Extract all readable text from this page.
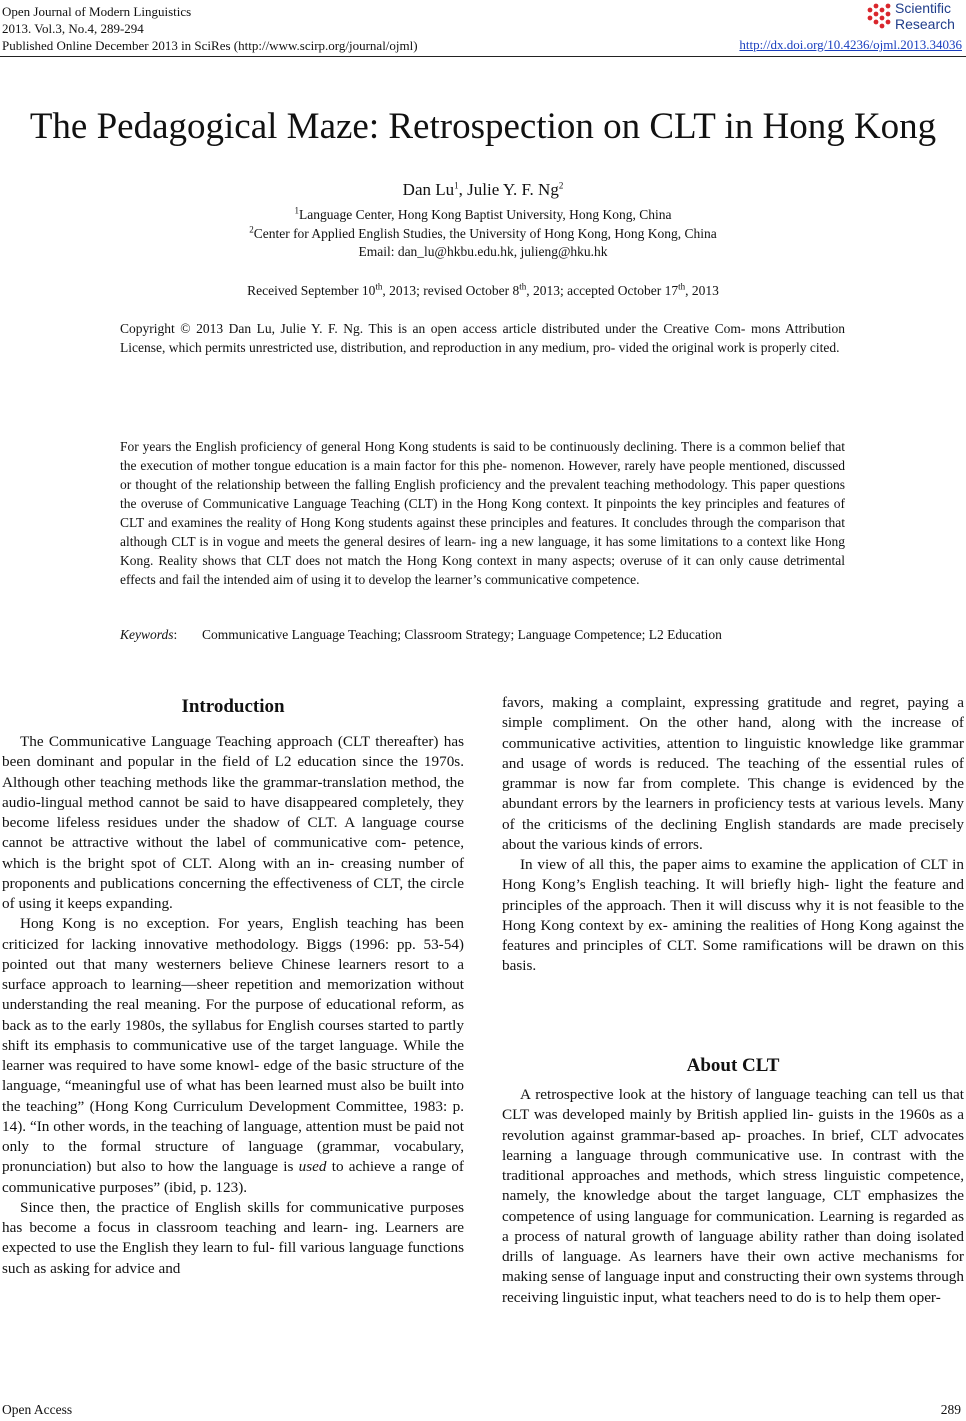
Open Journal of Modern Linguistics
2013. Vol.3, No.4, 289-294
Published Online December 2013 in SciRes (http://www.scirp.org/journal/ojml)	http://dx.doi.org/10.4236/ojml.2013.34036
Scientific
Research
The Pedagogical Maze: Retrospection on CLT in Hong Kong
Dan Lu$^1$, Julie Y. F. Ng$^2$
$^1$Language Center, Hong Kong Baptist University, Hong Kong, China
$^2$Center for Applied English Studies, the University of Hong Kong, Hong Kong, China
Email: dan_lu@hkbu.edu.hk, julieng@hku.hk
Received September 10th, 2013; revised October 8th, 2013; accepted October 17th, 2013
Copyright © 2013 Dan Lu, Julie Y. F. Ng. This is an open access article distributed under the Creative Com- mons Attribution License, which permits unrestricted use, distribution, and reproduction in any medium, pro- vided the original work is properly cited.
For years the English proficiency of general Hong Kong students is said to be continuously declining. There is a common belief that the execution of mother tongue education is a main factor for this phe- nomenon. However, rarely have people mentioned, discussed or thought of the relationship between the falling English proficiency and the prevalent teaching methodology. This paper questions the overuse of Communicative Language Teaching (CLT) in the Hong Kong context. It pinpoints the key principles and features of CLT and examines the reality of Hong Kong students against these principles and features. It concludes through the comparison that although CLT is in vogue and meets the general desires of learn- ing a new language, it has some limitations to a context like Hong Kong. Reality shows that CLT does not match the Hong Kong context in many aspects; overuse of it can only cause detrimental effects and fail the intended aim of using it to develop the learner’s communicative competence.
Keywords:	Communicative Language Teaching; Classroom Strategy; Language Competence; L2 Education
Introduction
About CLT

The Communicative Language Teaching approach (CLT thereafter) has been dominant and popular in the field of L2 education since the 1970s. Although other teaching methods like the grammar-translation method, the audio-lingual method cannot be said to have disappeared completely, they become lifeless residues under the shadow of CLT. A language course cannot be attractive without the label of communicative com- petence, which is the bright spot of CLT. Along with an in- creasing number of proponents and publications concerning the effectiveness of CLT, the circle of using it keeps expanding.

Hong Kong is no exception. For years, English teaching has been criticized for lacking innovative methodology. Biggs (1996: pp. 53-54) pointed out that many westerners believe Chinese learners resort to a surface approach to learning—sheer repetition and memorization without understanding the real meaning. For the purpose of educational reform, as back as to the early 1980s, the syllabus for English courses started to partly shift its emphasis to communicative use of the target language. While the learner was required to have some knowl- edge of the basic structure of the language, “meaningful use of what has been learned must also be built into the teaching” (Hong Kong Curriculum Development Committee, 1983: p. 14). “In other words, in the teaching of language, attention must be paid not only to the formal structure of language (grammar, vocabulary, pronunciation) but also to how the language is used to achieve a range of communicative purposes” (ibid, p. 123).

Since then, the practice of English skills for communicative purposes has become a focus in classroom teaching and learn- ing. Learners are expected to use the English they learn to ful- fill various language functions such as asking for advice and

favors, making a complaint, expressing gratitude and regret, paying a simple compliment. On the other hand, along with the increase of communicative activities, attention to linguistic knowledge like grammar and usage of words is reduced. The teaching of the essential rules of grammar is now far from complete. This change is evidenced by the abundant errors by the learners in proficiency tests at various levels. Many of the criticisms of the declining English standards are made precisely about the various kinds of errors.

In view of all this, the paper aims to examine the application of CLT in Hong Kong’s English teaching. It will briefly high- light the feature and principles of the approach. Then it will discuss why it is not feasible to the Hong Kong context by ex- amining the realities of Hong Kong against the features and principles of CLT. Some ramifications will be drawn on this basis.

A retrospective look at the history of language teaching can tell us that CLT was developed mainly by British applied lin- guists in the 1960s as a revolution against grammar-based ap- proaches. In brief, CLT advocates learning a language through communicative use. In contrast with the traditional approaches and methods, which stress linguistic competence, namely, the knowledge about the target language, CLT emphasizes the competence of using language for communication. Learning is regarded as a process of natural growth of language ability rather than doing isolated drills of language. As learners have their own active mechanisms for making sense of language input and constructing their own systems through receiving linguistic input, what teachers need to do is to help them oper-

Open Access	289
